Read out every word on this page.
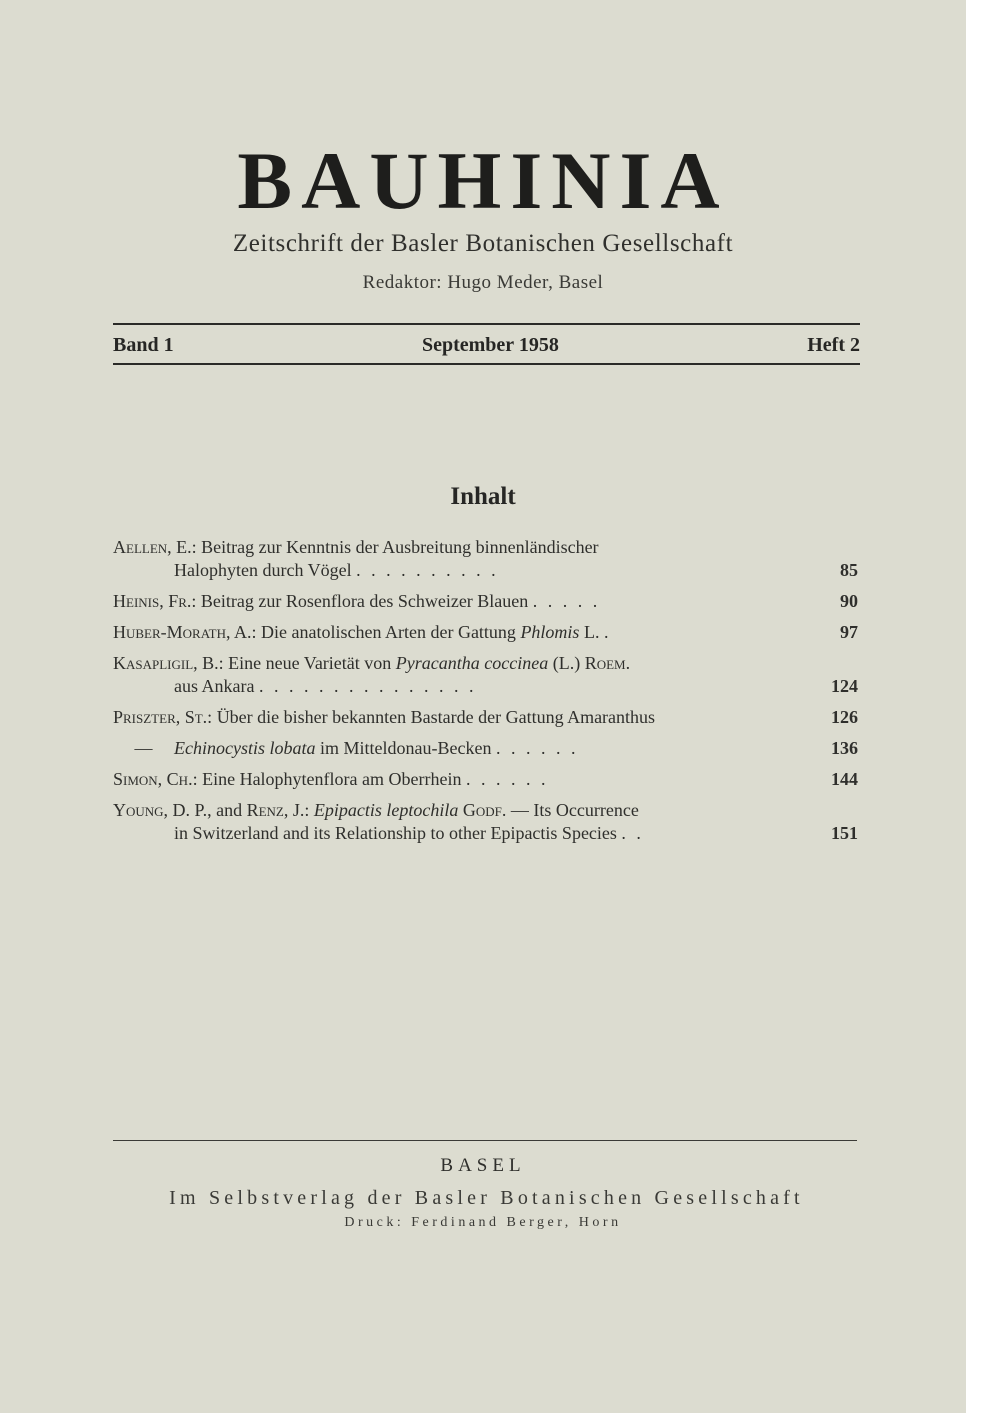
BAUHINIA
Zeitschrift der Basler Botanischen Gesellschaft
Redaktor: Hugo Meder, Basel
Band 1	September 1958	Heft 2
Inhalt
Aellen, E.: Beitrag zur Kenntnis der Ausbreitung binnenländischer
Halophyten durch Vögel . . . . . . . . . .	85
Heinis, Fr.: Beitrag zur Rosenflora des Schweizer Blauen . . . . .	90
Huber-Morath, A.: Die anatolischen Arten der Gattung Phlomis L. .	97
Kasapligil, B.: Eine neue Varietät von Pyracantha coccinea (L.) Roem.
aus Ankara . . . . . . . . . . . . . . .	124
Priszter, St.: Über die bisher bekannten Bastarde der Gattung Amaranthus	126
— Echinocystis lobata im Mitteldonau-Becken . . . . . .	136
Simon, Ch.: Eine Halophytenflora am Oberrhein . . . . . .	144
Young, D. P., and Renz, J.: Epipactis leptochila Godf. — Its Occurrence
in Switzerland and its Relationship to other Epipactis Species . .	151
BASEL
Im Selbstverlag der Basler Botanischen Gesellschaft
Druck: Ferdinand Berger, Horn
